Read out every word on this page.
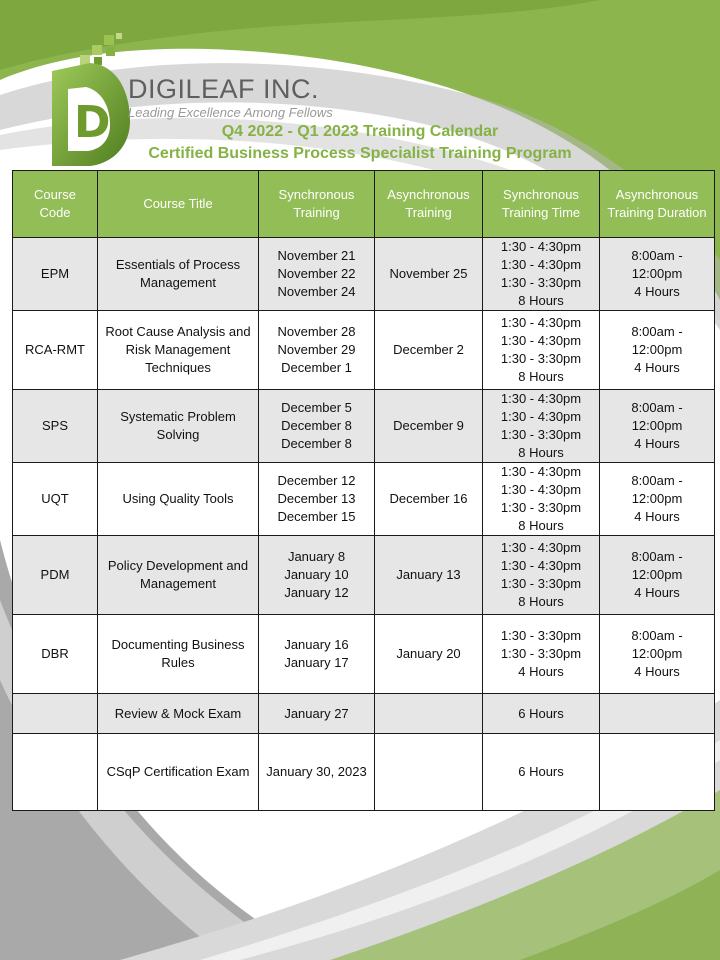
D
DIGILEAF INC.
Leading Excellence Among Fellows
Q4 2022 - Q1 2023 Training Calendar
Certified Business Process Specialist Training Program
Course Code	Course Title	Synchronous Training	Asynchronous Training	Synchronous Training Time	Asynchronous Training Duration
EPM	Essentials of Process Management	November 21
November 22
November 24	November 25	1:30 - 4:30pm
1:30 - 4:30pm
1:30 - 3:30pm
8 Hours	8:00am - 12:00pm
4 Hours

RCA-RMT	Root Cause Analysis and Risk Management Techniques	November 28
November 29
December 1	December 2	1:30 - 4:30pm
1:30 - 4:30pm
1:30 - 3:30pm
8 Hours	8:00am - 12:00pm
4 Hours

SPS	Systematic Problem Solving	December 5
December 8
December 8	December 9	1:30 - 4:30pm
1:30 - 4:30pm
1:30 - 3:30pm
8 Hours	8:00am - 12:00pm
4 Hours

UQT	Using Quality Tools	December 12
December 13
December 15	December 16	1:30 - 4:30pm
1:30 - 4:30pm
1:30 - 3:30pm
8 Hours	8:00am - 12:00pm
4 Hours

PDM	Policy Development and Management	January 8
January 10
January 12	January 13	1:30 - 4:30pm
1:30 - 4:30pm
1:30 - 3:30pm
8 Hours	8:00am - 12:00pm
4 Hours

DBR	Documenting Business Rules	January 16
January 17	January 20	1:30 - 3:30pm
1:30 - 3:30pm
4 Hours	8:00am - 12:00pm
4 Hours

	Review & Mock Exam	January 27		6 Hours	

	CSqP Certification Exam	January 30, 2023		6 Hours	
